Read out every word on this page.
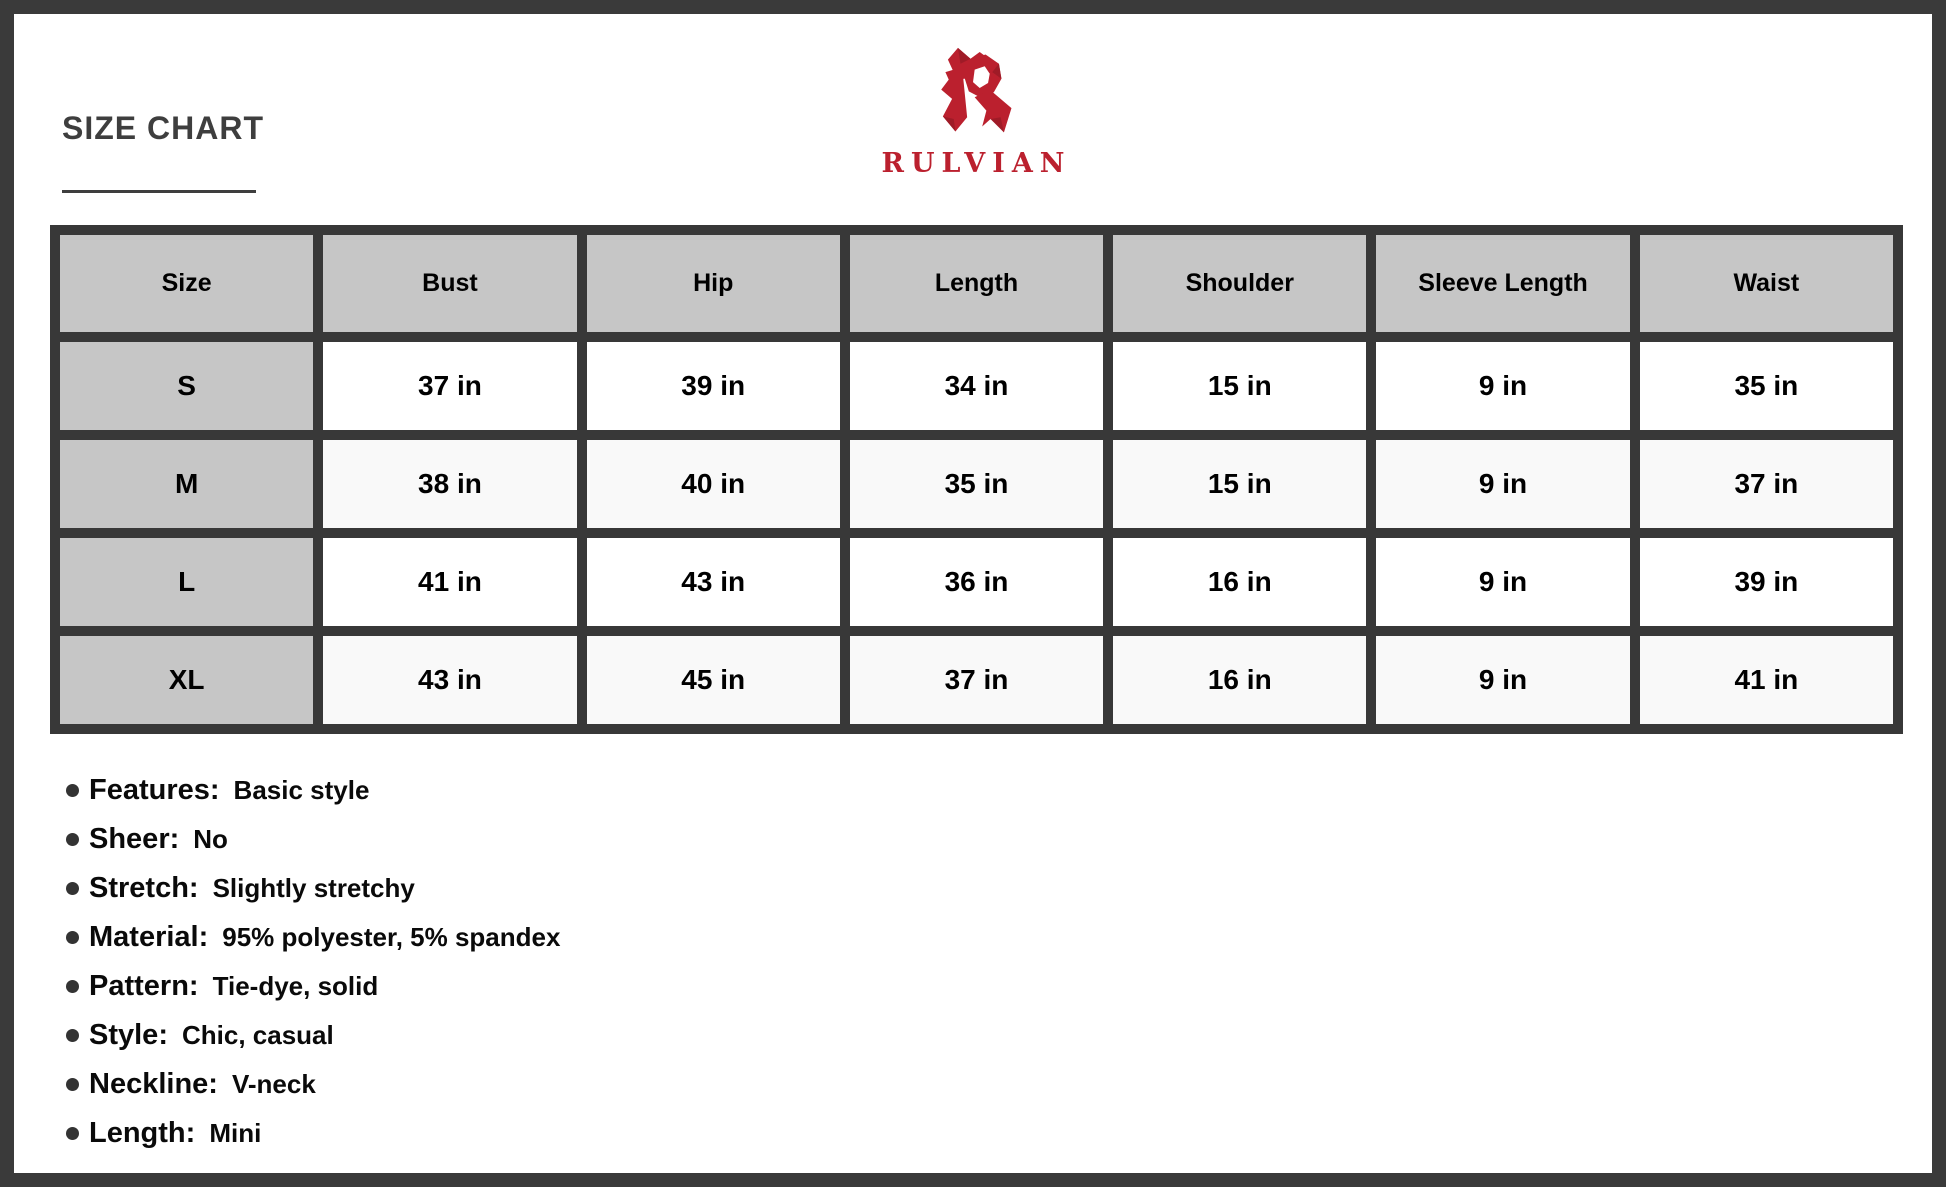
RULVIAN
SIZE CHART
Size	Bust	Hip	Length	Shoulder	Sleeve Length	Waist
S	37 in	39 in	34 in	15 in	9 in	35 in
M	38 in	40 in	35 in	15 in	9 in	37 in
L	41 in	43 in	36 in	16 in	9 in	39 in
XL	43 in	45 in	37 in	16 in	9 in	41 in
Features: Basic style
Sheer: No
Stretch: Slightly stretchy
Material: 95% polyester, 5% spandex
Pattern: Tie-dye, solid
Style: Chic, casual
Neckline: V-neck
Length: Mini
